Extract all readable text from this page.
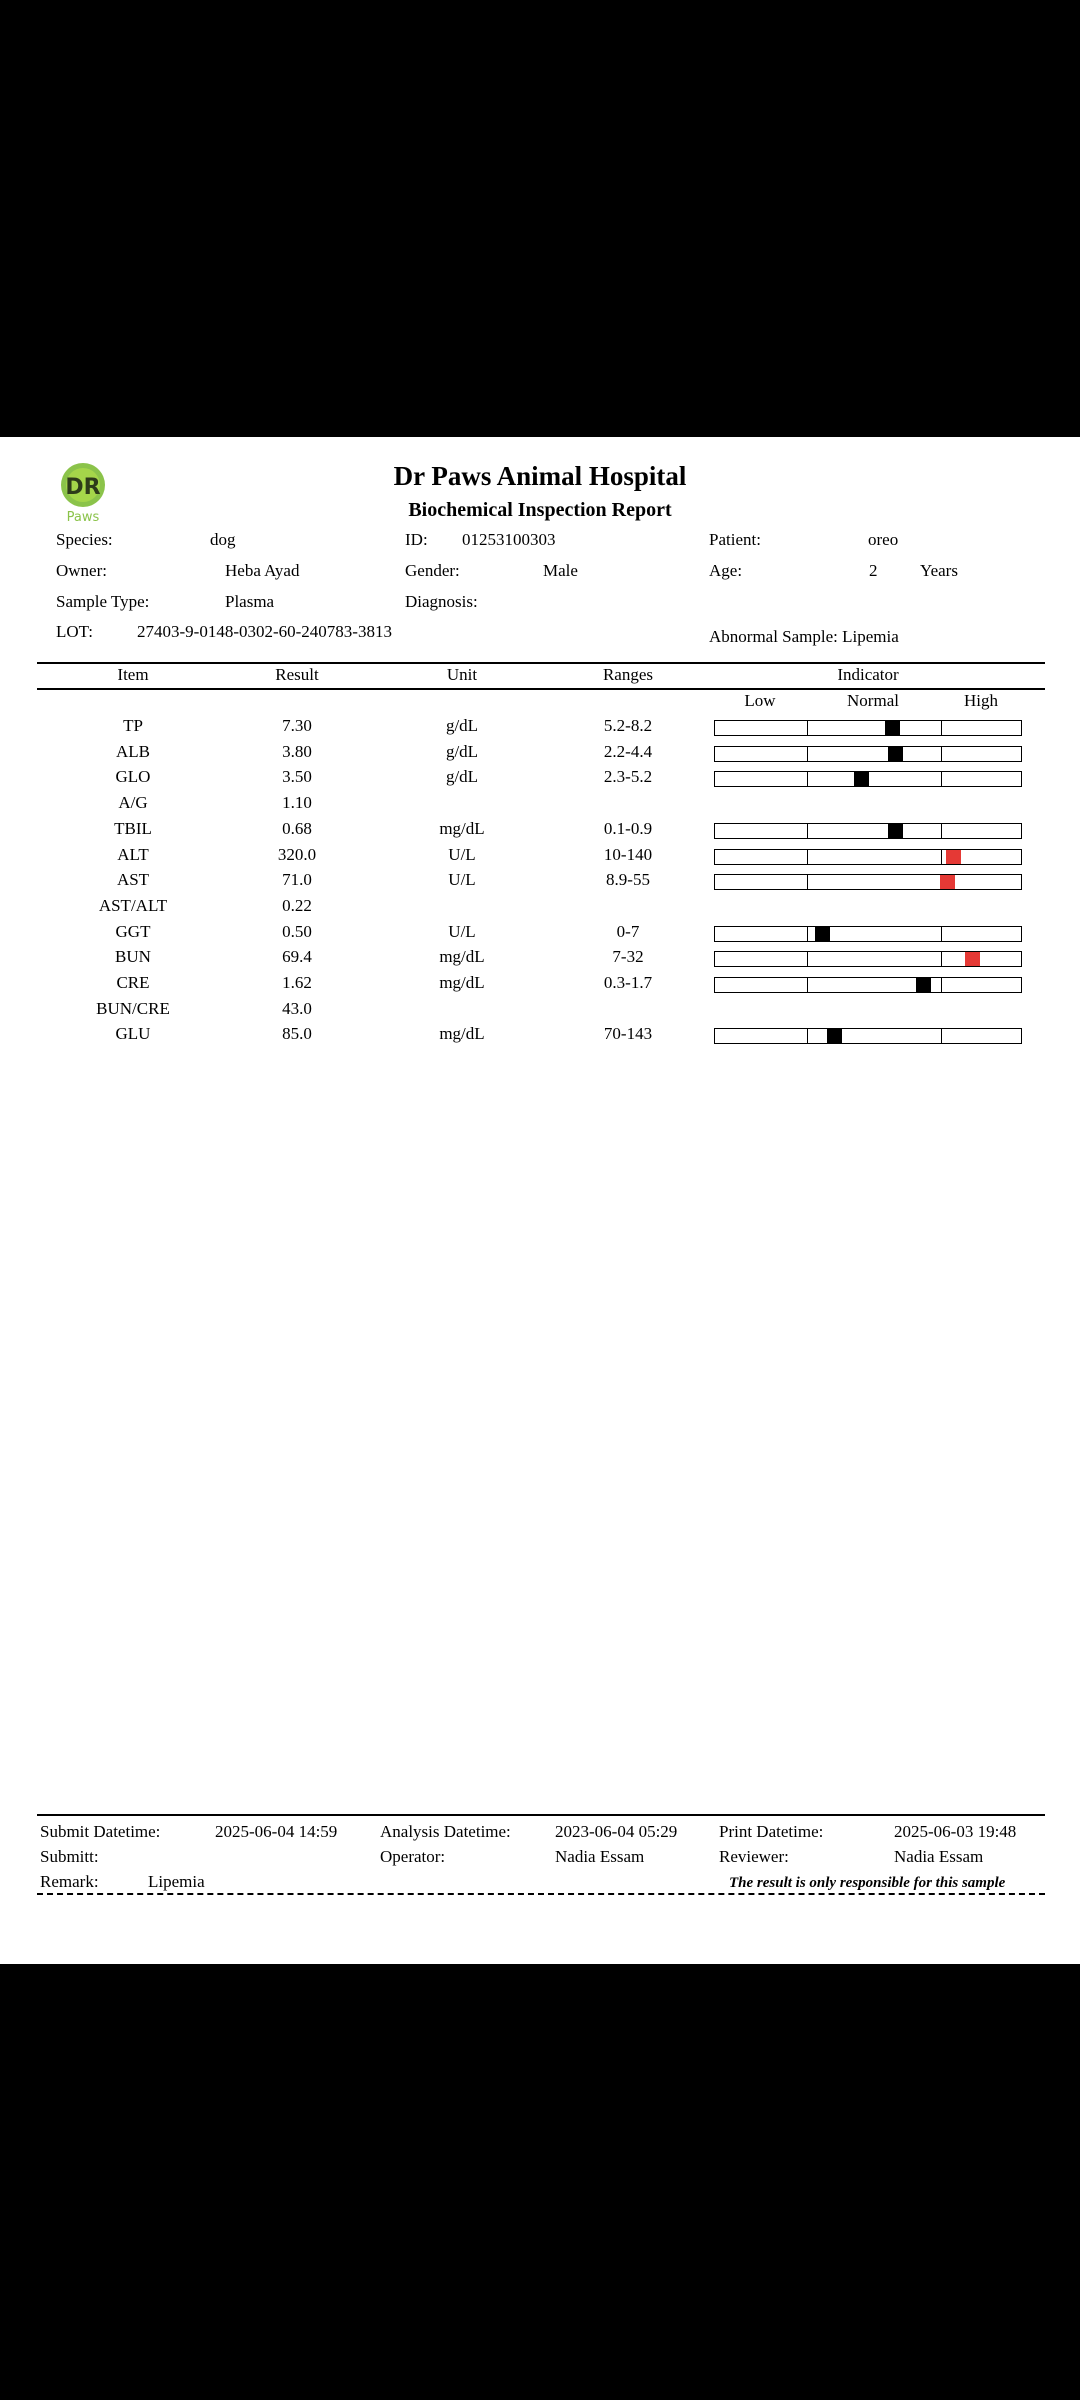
DR
Paws
Dr Paws Animal Hospital
Biochemical Inspection Report
Species:	dog	ID: 01253100303	Patient:	oreo
Owner:	Heba Ayad	Gender:	Male	Age:	2	Years
Sample Type:	Plasma	Diagnosis:
LOT:	27403-9-0148-0302-60-240783-3813	Abnormal Sample: Lipemia
Item	Result	Unit	Ranges	Indicator
Low	Normal	High
TP	7.30	g/dL	5.2-8.2
ALB	3.80	g/dL	2.2-4.4
GLO	3.50	g/dL	2.3-5.2
A/G	1.10
TBIL	0.68	mg/dL	0.1-0.9
ALT	320.0	U/L	10-140
AST	71.0	U/L	8.9-55
AST/ALT	0.22
GGT	0.50	U/L	0-7
BUN	69.4	mg/dL	7-32
CRE	1.62	mg/dL	0.3-1.7
BUN/CRE	43.0
GLU	85.0	mg/dL	70-143
Submit Datetime:	2025-06-04 14:59	Analysis Datetime:	2023-06-04 05:29 Print Datetime:	2025-06-03 19:48
Submitt:	Operator:	Nadia Essam	Reviewer:	Nadia Essam
Remark:	Lipemia	The result is only responsible for this sample
